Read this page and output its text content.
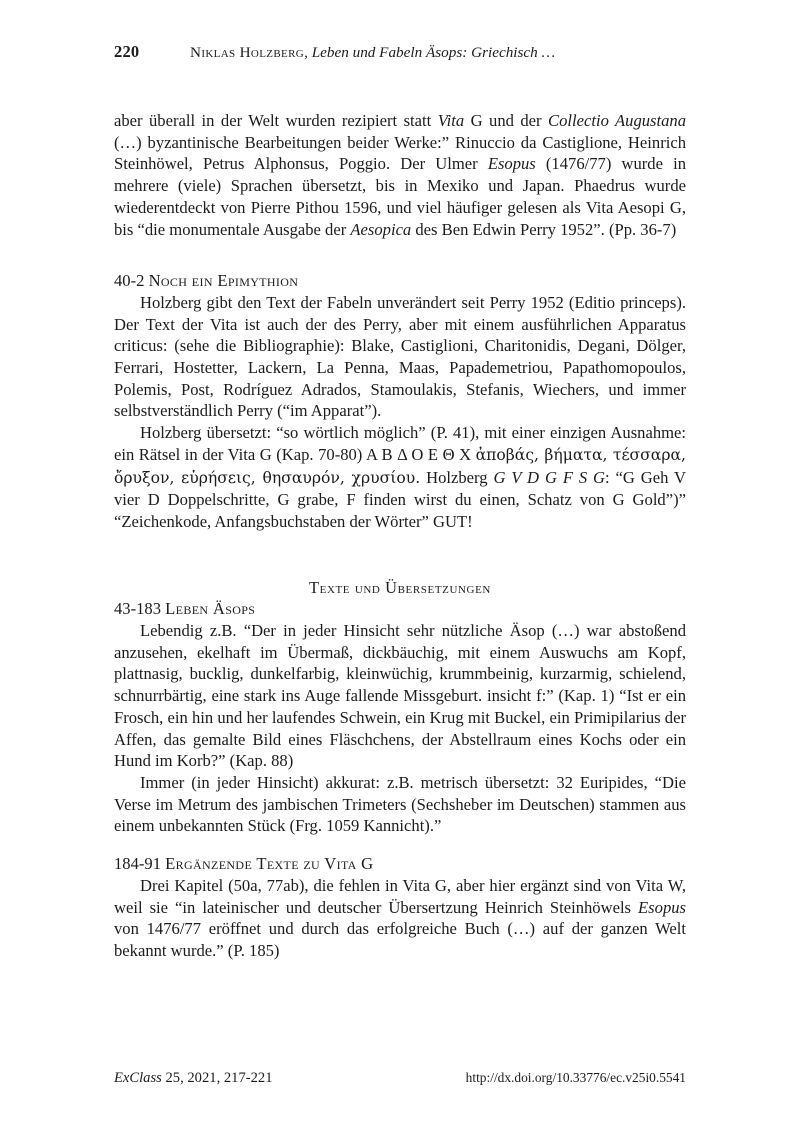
220	Niklas Holzberg, Leben und Fabeln Äsops: Griechisch …

aber überall in der Welt wurden rezipiert statt Vita G und der Collectio Augustana (…) byzantinische Bearbeitungen beider Werke:” Rinuccio da Castiglione, Heinrich Steinhöwel, Petrus Alphonsus, Poggio. Der Ulmer Esopus (1476/77) wurde in mehrere (viele) Sprachen übersetzt, bis in Mexiko und Japan. Phaedrus wurde wiederentdeckt von Pierre Pithou 1596, und viel häufiger gelesen als Vita Aesopi G, bis “die monumentale Ausgabe der Aesopica des Ben Edwin Perry 1952”. (Pp. 36-7)

40-2 Noch ein Epimythion

Holzberg gibt den Text der Fabeln unverändert seit Perry 1952 (Editio princeps). Der Text der Vita ist auch der des Perry, aber mit einem ausführlichen Apparatus criticus: (sehe die Bibliographie): Blake, Castiglioni, Charitonidis, Degani, Dölger, Ferrari, Hostetter, Lackern, La Penna, Maas, Papademetriou, Papathomopoulos, Polemis, Post, Rodríguez Adrados, Stamoulakis, Stefanis, Wiechers, und immer selbstverständlich Perry (“im Apparat”).

Holzberg übersetzt: “so wörtlich möglich” (P. 41), mit einer einzigen Ausnahme: ein Rätsel in der Vita G (Kap. 70-80) A B Δ O E Θ X ἀποβάς, βήματα, τέσσαρα, ὄρυξον, εὑρήσεις, θησαυρόν, χρυσίου. Holzberg G V D G F S G: “G Geh V vier D Doppelschritte, G grabe, F finden wirst du einen, Schatz von G Gold”)” “Zeichenkode, Anfangsbuchstaben der Wörter” GUT!

Texte und Übersetzungen
43-183 Leben Äsops

Lebendig z.B. “Der in jeder Hinsicht sehr nützliche Äsop (…) war abstoßend anzusehen, ekelhaft im Übermaß, dickbäuchig, mit einem Auswuchs am Kopf, plattnasig, bucklig, dunkelfarbig, kleinwüchig, krummbeinig, kurzarmig, schielend, schnurrbärtig, eine stark ins Auge fallende Missgeburt. insicht f:” (Kap. 1) “Ist er ein Frosch, ein hin und her laufendes Schwein, ein Krug mit Buckel, ein Primipilarius der Affen, das gemalte Bild eines Fläschchens, der Abstellraum eines Kochs oder ein Hund im Korb?” (Kap. 88)

Immer (in jeder Hinsicht) akkurat: z.B. metrisch übersetzt: 32 Euripides, “Die Verse im Metrum des jambischen Trimeters (Sechsheber im Deutschen) stammen aus einem unbekannten Stück (Frg. 1059 Kannicht).”

184-91 Ergänzende Texte zu Vita G

Drei Kapitel (50a, 77ab), die fehlen in Vita G, aber hier ergänzt sind von Vita W, weil sie “in lateinischer und deutscher Übersertzung Heinrich Steinhöwels Esopus von 1476/77 eröffnet und durch das erfolgreiche Buch (…) auf der ganzen Welt bekannt wurde.” (P. 185)

ExClass 25, 2021, 217-221	http://dx.doi.org/10.33776/ec.v25i0.5541
